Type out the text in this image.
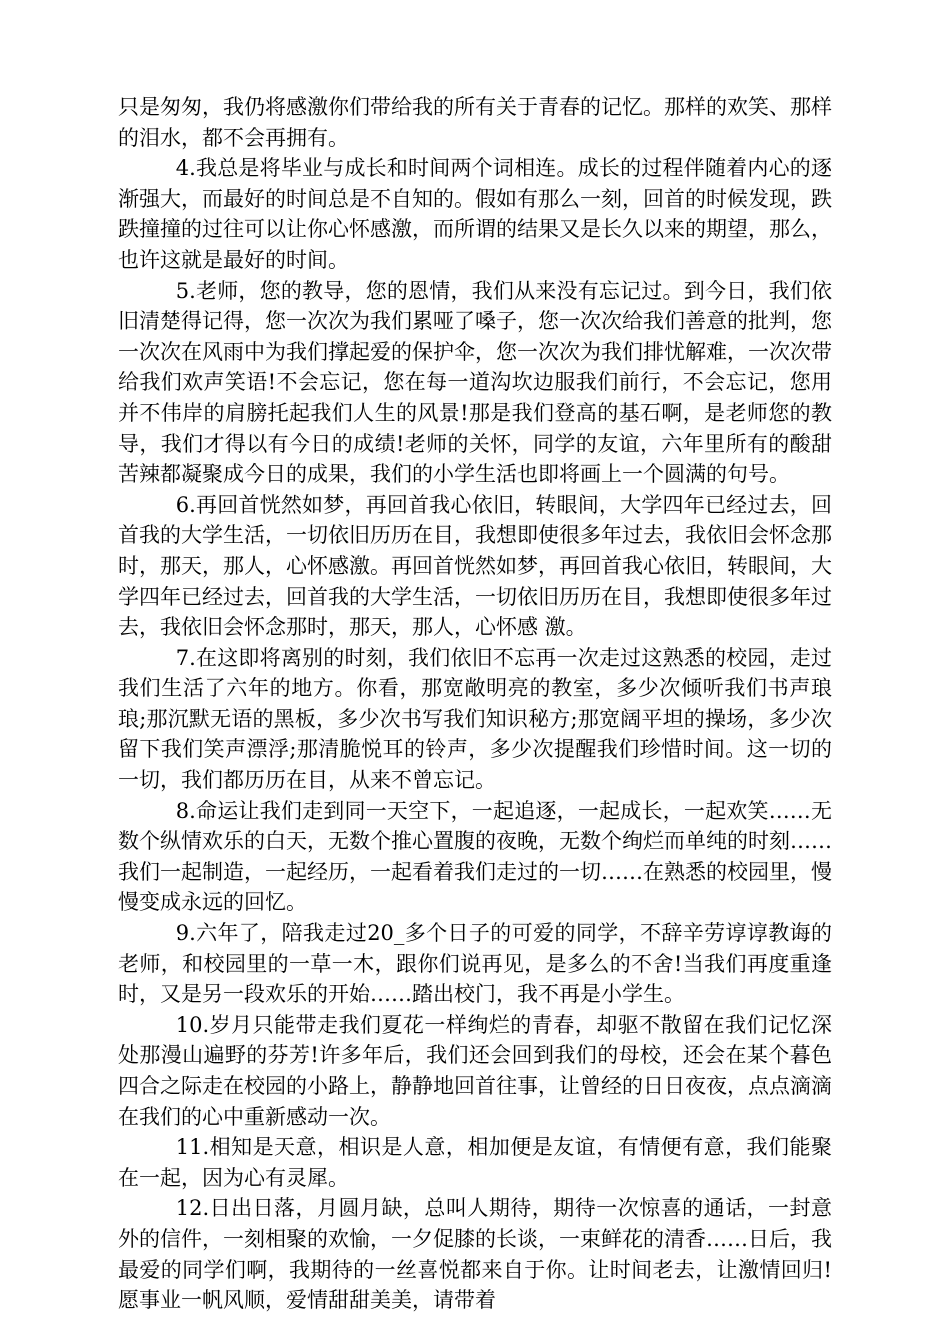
只是匆匆，我仍将感激你们带给我的所有关于青春的记忆。那样的欢笑、那样的泪水，都不会再拥有。

4.我总是将毕业与成长和时间两个词相连。成长的过程伴随着内心的逐渐强大，而最好的时间总是不自知的。假如有那么一刻，回首的时候发现，跌跌撞撞的过往可以让你心怀感激，而所谓的结果又是长久以来的期望，那么，也许这就是最好的时间。

5.老师，您的教导，您的恩情，我们从来没有忘记过。到今日，我们依旧清楚得记得，您一次次为我们累哑了嗓子，您一次次给我们善意的批判，您一次次在风雨中为我们撑起爱的保护伞，您一次次为我们排忧解难，一次次带给我们欢声笑语!不会忘记，您在每一道沟坎边服我们前行，不会忘记，您用并不伟岸的肩膀托起我们人生的风景!那是我们登高的基石啊，是老师您的教导，我们才得以有今日的成绩!老师的关怀，同学的友谊，六年里所有的酸甜苦辣都凝聚成今日的成果，我们的小学生活也即将画上一个圆满的句号。

6.再回首恍然如梦，再回首我心依旧，转眼间，大学四年已经过去，回首我的大学生活，一切依旧历历在目，我想即使很多年过去，我依旧会怀念那时，那天，那人，心怀感激。再回首恍然如梦，再回首我心依旧，转眼间，大学四年已经过去，回首我的大学生活，一切依旧历历在目，我想即使很多年过去，我依旧会怀念那时，那天，那人，心怀感 激。

7.在这即将离别的时刻，我们依旧不忘再一次走过这熟悉的校园，走过我们生活了六年的地方。你看，那宽敞明亮的教室，多少次倾听我们书声琅琅;那沉默无语的黑板，多少次书写我们知识秘方;那宽阔平坦的操场，多少次留下我们笑声漂浮;那清脆悦耳的铃声，多少次提醒我们珍惜时间。这一切的一切，我们都历历在目，从来不曾忘记。

8.命运让我们走到同一天空下，一起追逐，一起成长，一起欢笑……无数个纵情欢乐的白天，无数个推心置腹的夜晚，无数个绚烂而单纯的时刻……我们一起制造，一起经历，一起看着我们走过的一切……在熟悉的校园里，慢慢变成永远的回忆。

9.六年了，陪我走过20_多个日子的可爱的同学，不辞辛劳谆谆教诲的老师，和校园里的一草一木，跟你们说再见，是多么的不舍!当我们再度重逢时，又是另一段欢乐的开始……踏出校门，我不再是小学生。

10.岁月只能带走我们夏花一样绚烂的青春，却驱不散留在我们记忆深处那漫山遍野的芬芳!许多年后，我们还会回到我们的母校，还会在某个暮色四合之际走在校园的小路上，静静地回首往事，让曾经的日日夜夜，点点滴滴在我们的心中重新感动一次。

11.相知是天意，相识是人意，相加便是友谊，有情便有意，我们能聚在一起，因为心有灵犀。

12.日出日落，月圆月缺，总叫人期待，期待一次惊喜的通话，一封意外的信件，一刻相聚的欢愉，一夕促膝的长谈，一束鲜花的清香……日后，我最爱的同学们啊，我期待的一丝喜悦都来自于你。让时间老去，让激情回归!愿事业一帆风顺，爱情甜甜美美，请带着
